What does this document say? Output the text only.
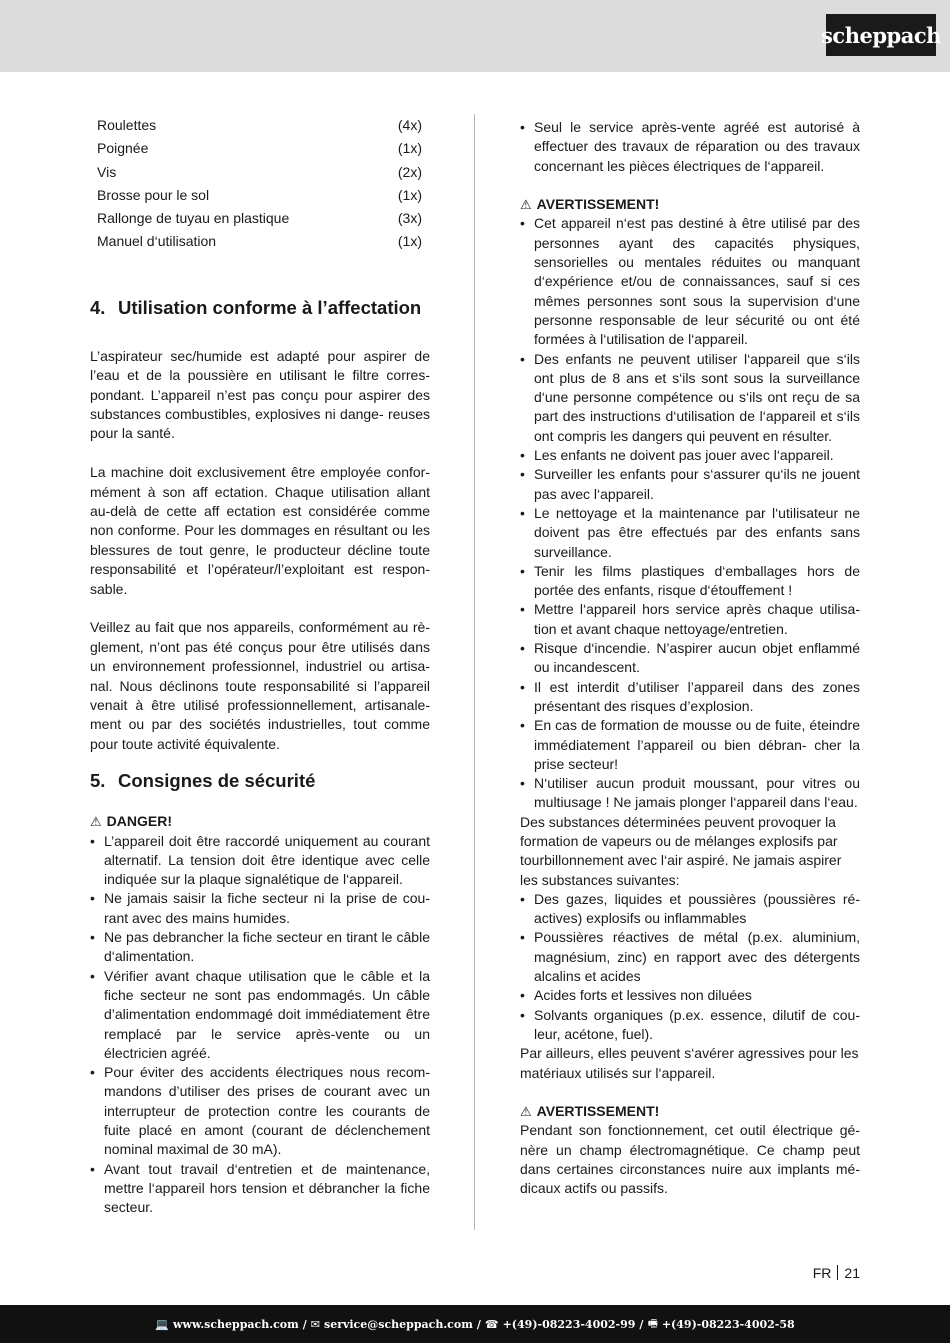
scheppach
Roulettes	(4x)
Poignée	(1x)
Vis	(2x)
Brosse pour le sol	(1x)
Rallonge de tuyau en plastique	(3x)
Manuel d‘utilisation	(1x)
4. Utilisation conforme à l’affectation

L’aspirateur sec/humide est adapté pour aspirer de l’eau et de la poussière en utilisant le filtre corres- pondant. L’appareil n’est pas conçu pour aspirer des substances combustibles, explosives ni dange- reuses pour la santé.

La machine doit exclusivement être employée confor- mément à son aff ectation. Chaque utilisation allant au-delà de cette aff ectation est considérée comme non conforme. Pour les dommages en résultant ou les blessures de tout genre, le producteur décline toute responsabilité et l’opérateur/l’exploitant est respon- sable.

Veillez au fait que nos appareils, conformément au rè- glement, n’ont pas été conçus pour être utilisés dans un environnement professionnel, industriel ou artisa- nal. Nous déclinons toute responsabilité si l’appareil venait à être utilisé professionnellement, artisanale- ment ou par des sociétés industrielles, tout comme pour toute activité équivalente.

5. Consignes de sécurité
⚠ DANGER!
• L’appareil doit être raccordé uniquement au courant alternatif. La tension doit être identique avec celle indiquée sur la plaque signalétique de l‘appareil.
• Ne jamais saisir la fiche secteur ni la prise de cou- rant avec des mains humides.
• Ne pas debrancher la fiche secteur en tirant le câble d‘alimentation.
• Vérifier avant chaque utilisation que le câble et la fiche secteur ne sont pas endommagés. Un câble d’alimentation endommagé doit immédiatement être remplacé par le service après-vente ou un électricien agréé.
• Pour éviter des accidents électriques nous recom- mandons d’utiliser des prises de courant avec un interrupteur de protection contre les courants de fuite placé en amont (courant de déclenchement nominal maximal de 30 mA).
• Avant tout travail d‘entretien et de maintenance, mettre l‘appareil hors tension et débrancher la fiche secteur.
• Seul le service après-vente agréé est autorisé à effectuer des travaux de réparation ou des travaux concernant les pièces électriques de l‘appareil.
⚠ AVERTISSEMENT!
• Cet appareil n‘est pas destiné à être utilisé par des personnes ayant des capacités physiques, sensorielles ou mentales réduites ou manquant d‘expérience et/ou de connaissances, sauf si ces mêmes personnes sont sous la supervision d‘une personne responsable de leur sécurité ou ont été formées à l‘utilisation de l‘appareil.
• Des enfants ne peuvent utiliser l‘appareil que s‘ils ont plus de 8 ans et s‘ils sont sous la surveillance d‘une personne compétence ou s‘ils ont reçu de sa part des instructions d‘utilisation de l‘appareil et s‘ils ont compris les dangers qui peuvent en résulter.
• Les enfants ne doivent pas jouer avec l‘appareil.
• Surveiller les enfants pour s‘assurer qu‘ils ne jouent pas avec l‘appareil.
• Le nettoyage et la maintenance par l‘utilisateur ne doivent pas être effectués par des enfants sans surveillance.
• Tenir les films plastiques d‘emballages hors de portée des enfants, risque d‘étouffement !
• Mettre l‘appareil hors service après chaque utilisa- tion et avant chaque nettoyage/entretien.
• Risque d‘incendie. N’aspirer aucun objet enflammé ou incandescent.
• Il est interdit d’utiliser l’appareil dans des zones présentant des risques d’explosion.
• En cas de formation de mousse ou de fuite, éteindre immédiatement l’appareil ou bien débran- cher la prise secteur!
• N‘utiliser aucun produit moussant, pour vitres ou multiusage ! Ne jamais plonger l‘appareil dans l‘eau.
Des substances déterminées peuvent provoquer la formation de vapeurs ou de mélanges explosifs par tourbillonnement avec l‘air aspiré. Ne jamais aspirer les substances suivantes:
• Des gazes, liquides et poussières (poussières ré- actives) explosifs ou inflammables
• Poussières réactives de métal (p.ex. aluminium, magnésium, zinc) en rapport avec des détergents alcalins et acides
• Acides forts et lessives non diluées
• Solvants organiques (p.ex. essence, dilutif de cou- leur, acétone, fuel).
Par ailleurs, elles peuvent s‘avérer agressives pour les matériaux utilisés sur l‘appareil.
⚠ AVERTISSEMENT!
Pendant son fonctionnement, cet outil électrique gé- nère un champ électromagnétique. Ce champ peut dans certaines circonstances nuire aux implants mé- dicaux actifs ou passifs.
FR 21
💻 www.scheppach.com / ✉ service@scheppach.com / ☎ +(49)-08223-4002-99 / 🖷 +(49)-08223-4002-58
